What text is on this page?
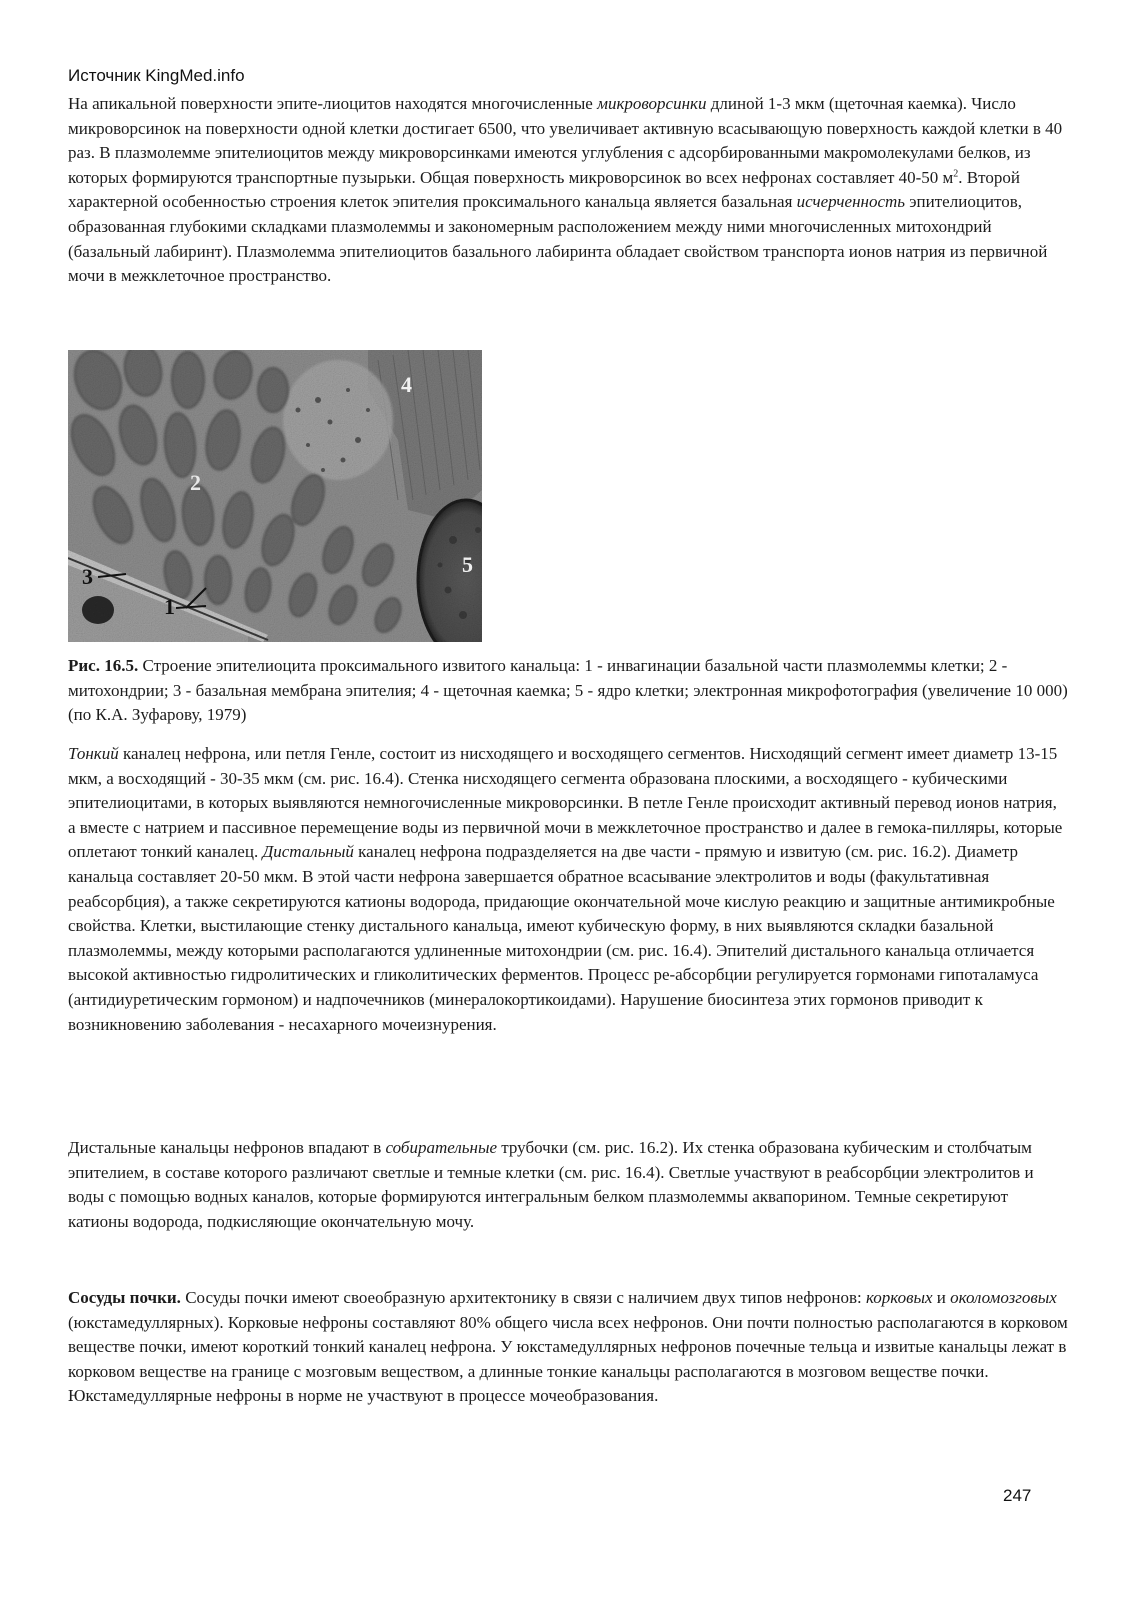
Источник KingMed.info

На апикальной поверхности эпите-лиоцитов находятся многочисленные микроворсинки длиной 1-3 мкм (щеточная каемка). Число микроворсинок на поверхности одной клетки достигает 6500, что увеличивает активную всасывающую поверхность каждой клетки в 40 раз. В плазмолемме эпителиоцитов между микроворсинками имеются углубления с адсорбированными макромолекулами белков, из которых формируются транспортные пузырьки. Общая поверхность микроворсинок во всех нефронах составляет 40-50 $м^2$. Второй характерной особенностью строения клеток эпителия проксимального канальца является базальная исчерченность эпителиоцитов, образованная глубокими складками плазмолеммы и закономерным расположением между ними многочисленных митохондрий (базальный лабиринт). Плазмолемма эпителиоцитов базального лабиринта обладает свойством транспорта ионов натрия из первичной мочи в межклеточное пространство.

4
2
3
1
5

Рис. 16.5. Строение эпителиоцита проксимального извитого канальца: 1 - инвагинации базальной части плазмолеммы клетки; 2 - митохондрии; 3 - базальная мембрана эпителия; 4 - щеточная каемка; 5 - ядро клетки; электронная микрофотография (увеличение 10 000) (по К.А. Зуфарову, 1979)

Тонкий каналец нефрона, или петля Генле, состоит из нисходящего и восходящего сегментов. Нисходящий сегмент имеет диаметр 13-15 мкм, а восходящий - 30-35 мкм (см. рис. 16.4). Стенка нисходящего сегмента образована плоскими, а восходящего - кубическими эпителиоцитами, в которых выявляются немногочисленные микроворсинки. В петле Генле происходит активный перевод ионов натрия, а вместе с натрием и пассивное перемещение воды из первичной мочи в межклеточное пространство и далее в гемока-пилляры, которые оплетают тонкий каналец. Дистальный каналец нефрона подразделяется на две части - прямую и извитую (см. рис. 16.2). Диаметр канальца составляет 20-50 мкм. В этой части нефрона завершается обратное всасывание электролитов и воды (факультативная реабсорбция), а также секретируются катионы водорода, придающие окончательной моче кислую реакцию и защитные антимикробные свойства. Клетки, выстилающие стенку дистального канальца, имеют кубическую форму, в них выявляются складки базальной плазмолеммы, между которыми располагаются удлиненные митохондрии (см. рис. 16.4). Эпителий дистального канальца отличается высокой активностью гидролитических и гликолитических ферментов. Процесс ре-абсорбции регулируется гормонами гипоталамуса (антидиуретическим гормоном) и надпочечников (минералокортикоидами). Нарушение биосинтеза этих гормонов приводит к возникновению заболевания - несахарного мочеизнурения.

Дистальные канальцы нефронов впадают в собирательные трубочки (см. рис. 16.2). Их стенка образована кубическим и столбчатым эпителием, в составе которого различают светлые и темные клетки (см. рис. 16.4). Светлые участвуют в реабсорбции электролитов и воды с помощью водных каналов, которые формируются интегральным белком плазмолеммы аквапорином. Темные секретируют катионы водорода, подкисляющие окончательную мочу.

Сосуды почки. Сосуды почки имеют своеобразную архитектонику в связи с наличием двух типов нефронов: корковых и околомозговых (юкстамедуллярных). Корковые нефроны составляют 80% общего числа всех нефронов. Они почти полностью располагаются в корковом веществе почки, имеют короткий тонкий каналец нефрона. У юкстамедуллярных нефронов почечные тельца и извитые канальцы лежат в корковом веществе на границе с мозговым веществом, а длинные тонкие канальцы располагаются в мозговом веществе почки. Юкстамедуллярные нефроны в норме не участвуют в процессе мочеобразования.

247
